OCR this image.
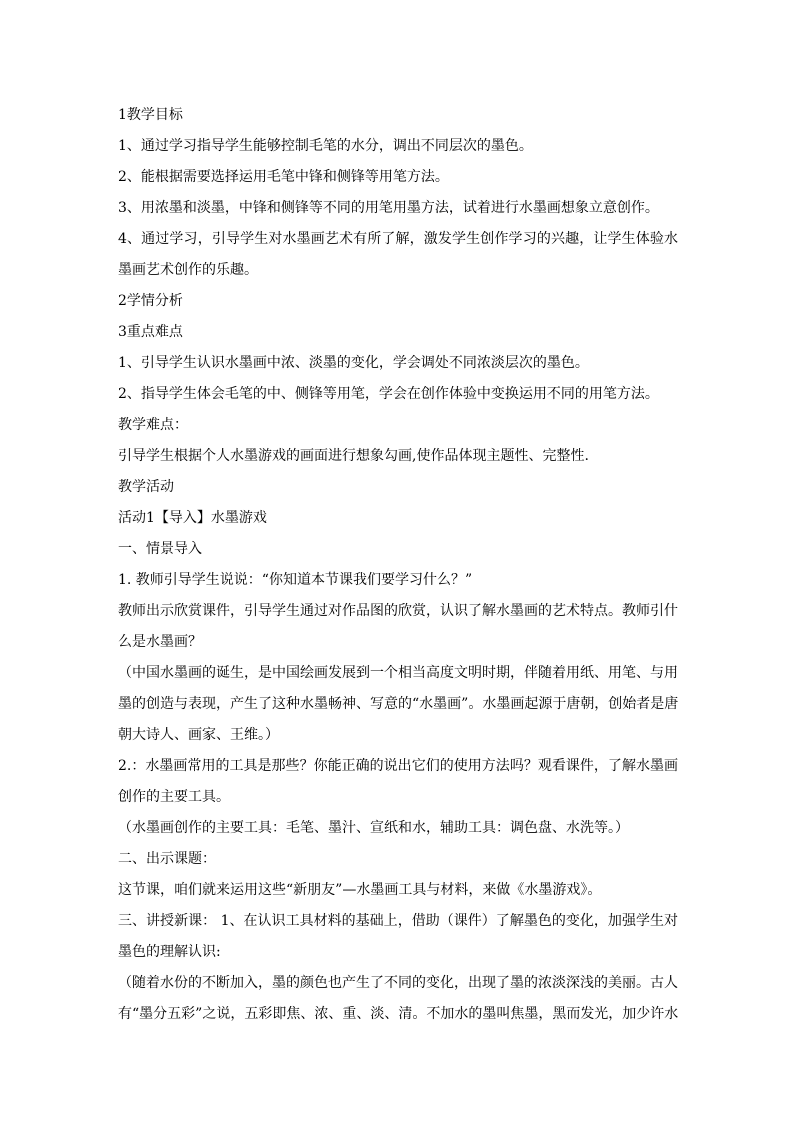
1教学目标
1、通过学习指导学生能够控制毛笔的水分，调出不同层次的墨色。
2、能根据需要选择运用毛笔中锋和侧锋等用笔方法。
3、用浓墨和淡墨，中锋和侧锋等不同的用笔用墨方法，试着进行水墨画想象立意创作。
4、通过学习，引导学生对水墨画艺术有所了解，激发学生创作学习的兴趣，让学生体验水
墨画艺术创作的乐趣。
2学情分析
3重点难点
1、引导学生认识水墨画中浓、淡墨的变化，学会调处不同浓淡层次的墨色。
2、指导学生体会毛笔的中、侧锋等用笔，学会在创作体验中变换运用不同的用笔方法。
教学难点：
引导学生根据个人水墨游戏的画面进行想象勾画,使作品体现主题性、完整性.
教学活动
活动1【导入】水墨游戏
一、情景导入
1. 教师引导学生说说：“你知道本节课我们要学习什么？”
教师出示欣赏课件，引导学生通过对作品图的欣赏，认识了解水墨画的艺术特点。教师引什
么是水墨画？
（中国水墨画的诞生，是中国绘画发展到一个相当高度文明时期，伴随着用纸、用笔、与用
墨的创造与表现，产生了这种水墨畅神、写意的“水墨画”。水墨画起源于唐朝，创始者是唐
朝大诗人、画家、王维。）
2.：水墨画常用的工具是那些？你能正确的说出它们的使用方法吗？观看课件，了解水墨画
创作的主要工具。
（水墨画创作的主要工具：毛笔、墨汁、宣纸和水，辅助工具：调色盘、水洗等。）
二、出示课题：
这节课，咱们就来运用这些“新朋友”—水墨画工具与材料，来做《水墨游戏》。
三、讲授新课： 1、在认识工具材料的基础上，借助（课件）了解墨色的变化，加强学生对
墨色的理解认识:
（随着水份的不断加入，墨的颜色也产生了不同的变化，出现了墨的浓淡深浅的美丽。古人
有“墨分五彩”之说，五彩即焦、浓、重、淡、清。不加水的墨叫焦墨，黑而发光，加少许水
